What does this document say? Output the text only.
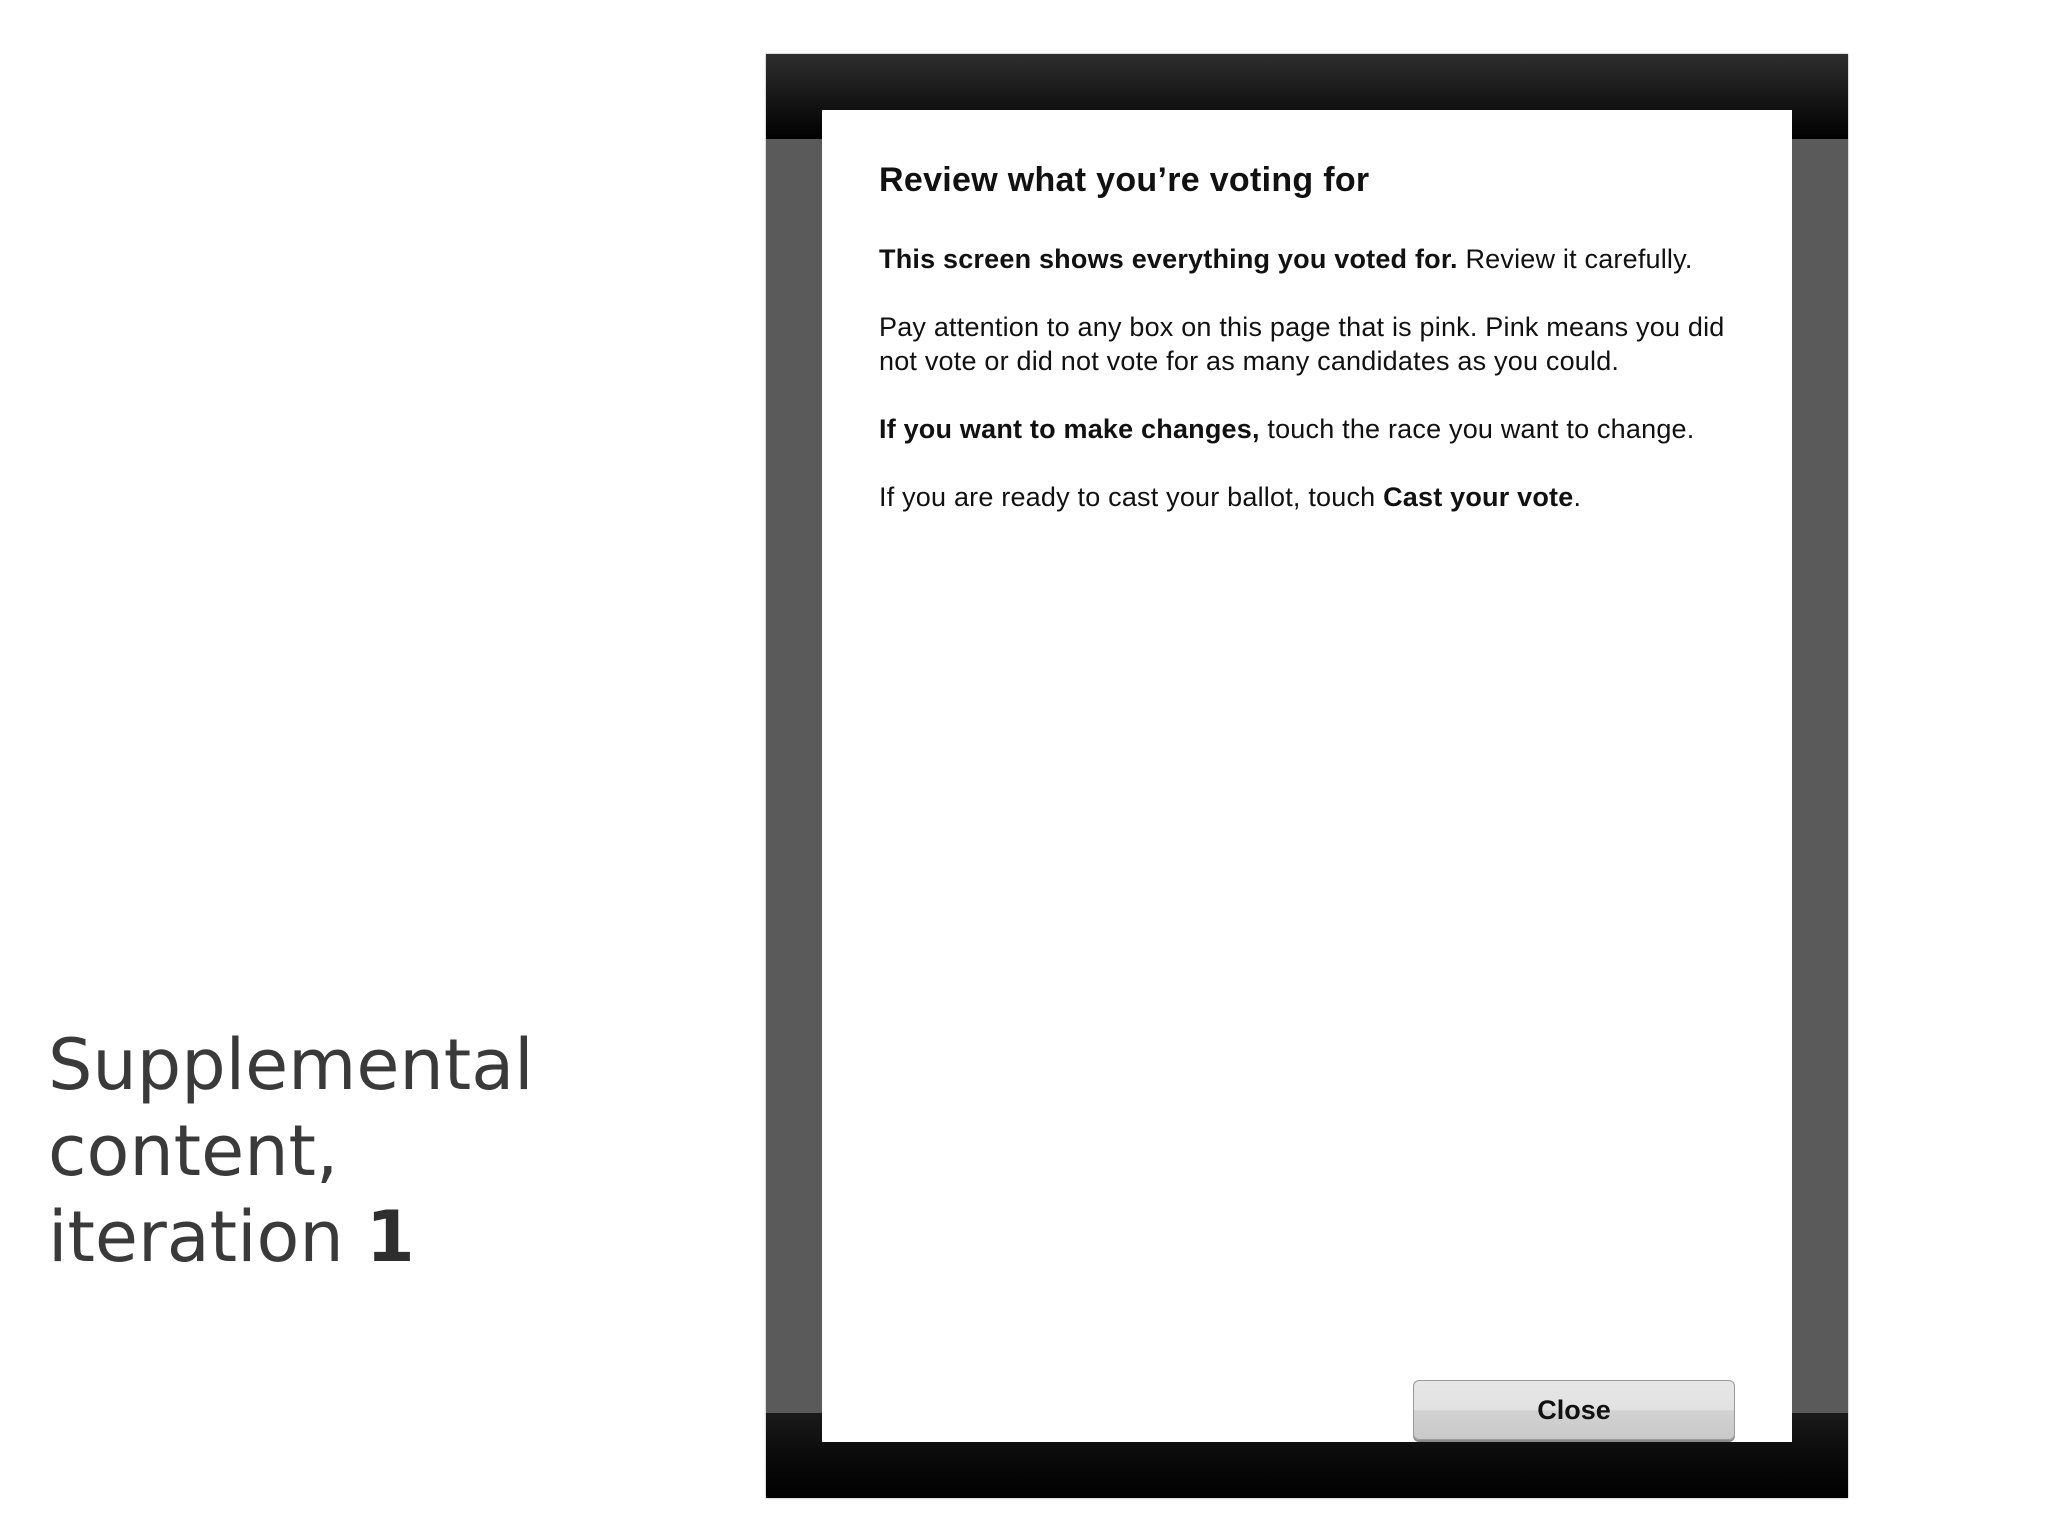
Supplemental
content,
iteration 1
Review what you’re voting for
This screen shows everything you voted for. Review it carefully.
Pay attention to any box on this page that is pink. Pink means you did not vote or did not vote for as many candidates as you could.
If you want to make changes, touch the race you want to change.
If you are ready to cast your ballot, touch Cast your vote.
Close
